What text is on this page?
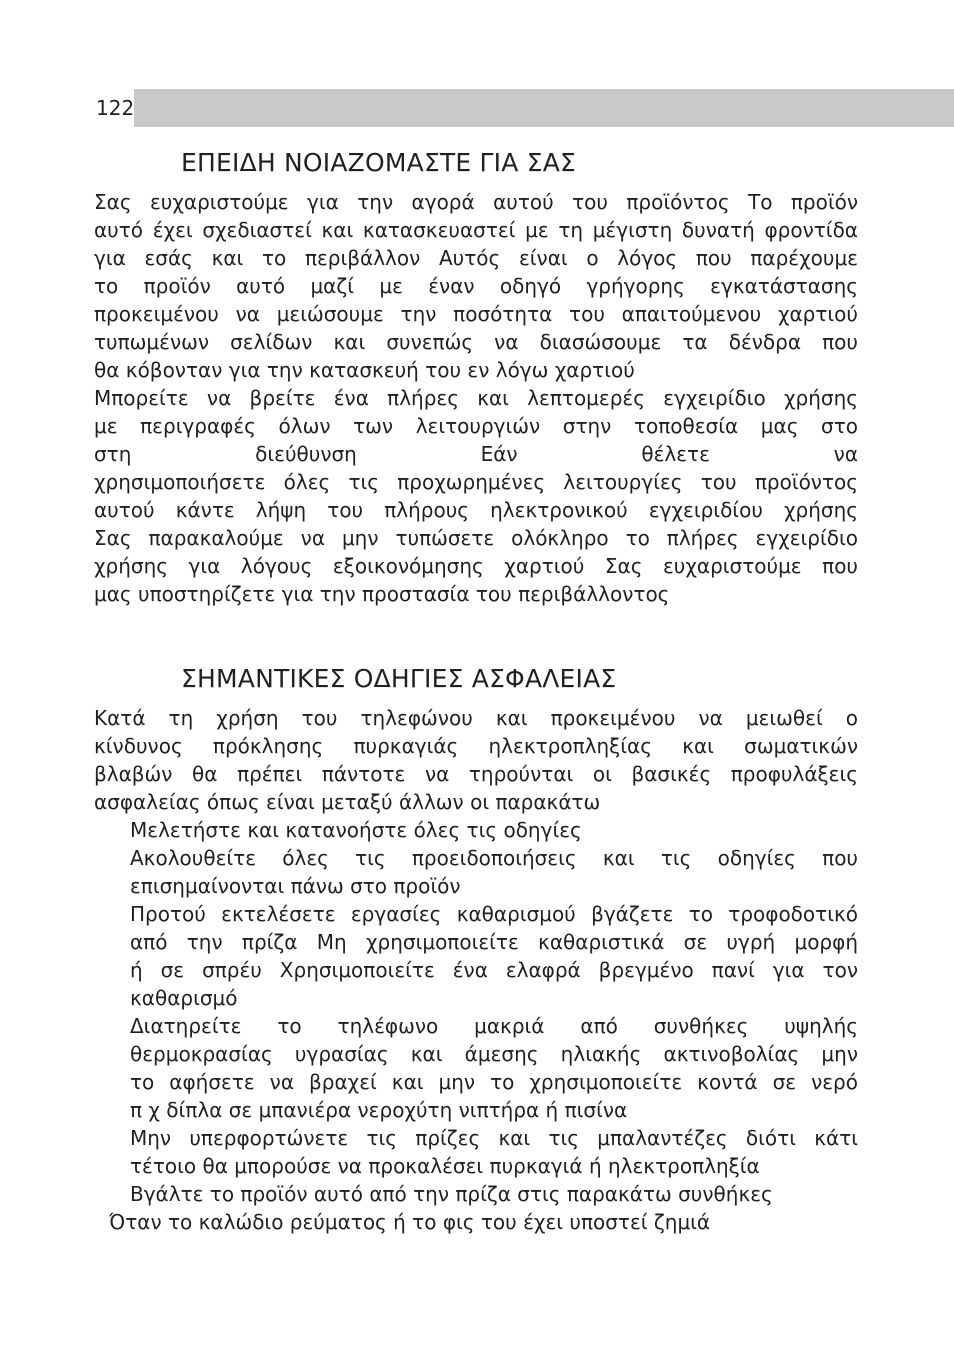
122
ΕΠΕΙΔΗ ΝΟΙΑΖΟΜΑΣΤΕ ΓΙΑ ΣΑΣ
Σας ευχαριστούμε για την αγορά αυτού του προϊόντος Το προϊόν
αυτό έχει σχεδιαστεί και κατασκευαστεί με τη μέγιστη δυνατή φροντίδα
για εσάς και το περιβάλλον Αυτός είναι ο λόγος που παρέχουμε
το προϊόν αυτό μαζί με έναν οδηγό γρήγορης εγκατάστασης
προκειμένου να μειώσουμε την ποσότητα του απαιτούμενου χαρτιού
τυπωμένων σελίδων και συνεπώς να διασώσουμε τα δένδρα που
θα κόβονταν για την κατασκευή του εν λόγω χαρτιού
Μπορείτε να βρείτε ένα πλήρες και λεπτομερές εγχειρίδιο χρήσης
με περιγραφές όλων των λειτουργιών στην τοποθεσία μας στο
στη διεύθυνση Εάν θέλετε να
χρησιμοποιήσετε όλες τις προχωρημένες λειτουργίες του προϊόντος
αυτού κάντε λήψη του πλήρους ηλεκτρονικού εγχειριδίου χρήσης
Σας παρακαλούμε να μην τυπώσετε ολόκληρο το πλήρες εγχειρίδιο
χρήσης για λόγους εξοικονόμησης χαρτιού Σας ευχαριστούμε που
μας υποστηρίζετε για την προστασία του περιβάλλοντος
ΣΗΜΑΝΤΙΚΕΣ ΟΔΗΓΙΕΣ ΑΣΦΑΛΕΙΑΣ
Κατά τη χρήση του τηλεφώνου και προκειμένου να μειωθεί ο
κίνδυνος πρόκλησης πυρκαγιάς ηλεκτροπληξίας και σωματικών
βλαβών θα πρέπει πάντοτε να τηρούνται οι βασικές προφυλάξεις
ασφαλείας όπως είναι μεταξύ άλλων οι παρακάτω
Μελετήστε και κατανοήστε όλες τις οδηγίες
Ακολουθείτε όλες τις προειδοποιήσεις και τις οδηγίες που
επισημαίνονται πάνω στο προϊόν
Προτού εκτελέσετε εργασίες καθαρισμού βγάζετε το τροφοδοτικό
από την πρίζα Μη χρησιμοποιείτε καθαριστικά σε υγρή μορφή
ή σε σπρέυ Χρησιμοποιείτε ένα ελαφρά βρεγμένο πανί για τον
καθαρισμό
Διατηρείτε το τηλέφωνο μακριά από συνθήκες υψηλής
θερμοκρασίας υγρασίας και άμεσης ηλιακής ακτινοβολίας μην
το αφήσετε να βραχεί και μην το χρησιμοποιείτε κοντά σε νερό
π χ δίπλα σε μπανιέρα νεροχύτη νιπτήρα ή πισίνα
Μην υπερφορτώνετε τις πρίζες και τις μπαλαντέζες διότι κάτι
τέτοιο θα μπορούσε να προκαλέσει πυρκαγιά ή ηλεκτροπληξία
Βγάλτε το προϊόν αυτό από την πρίζα στις παρακάτω συνθήκες
Όταν το καλώδιο ρεύματος ή το φις του έχει υποστεί ζημιά
